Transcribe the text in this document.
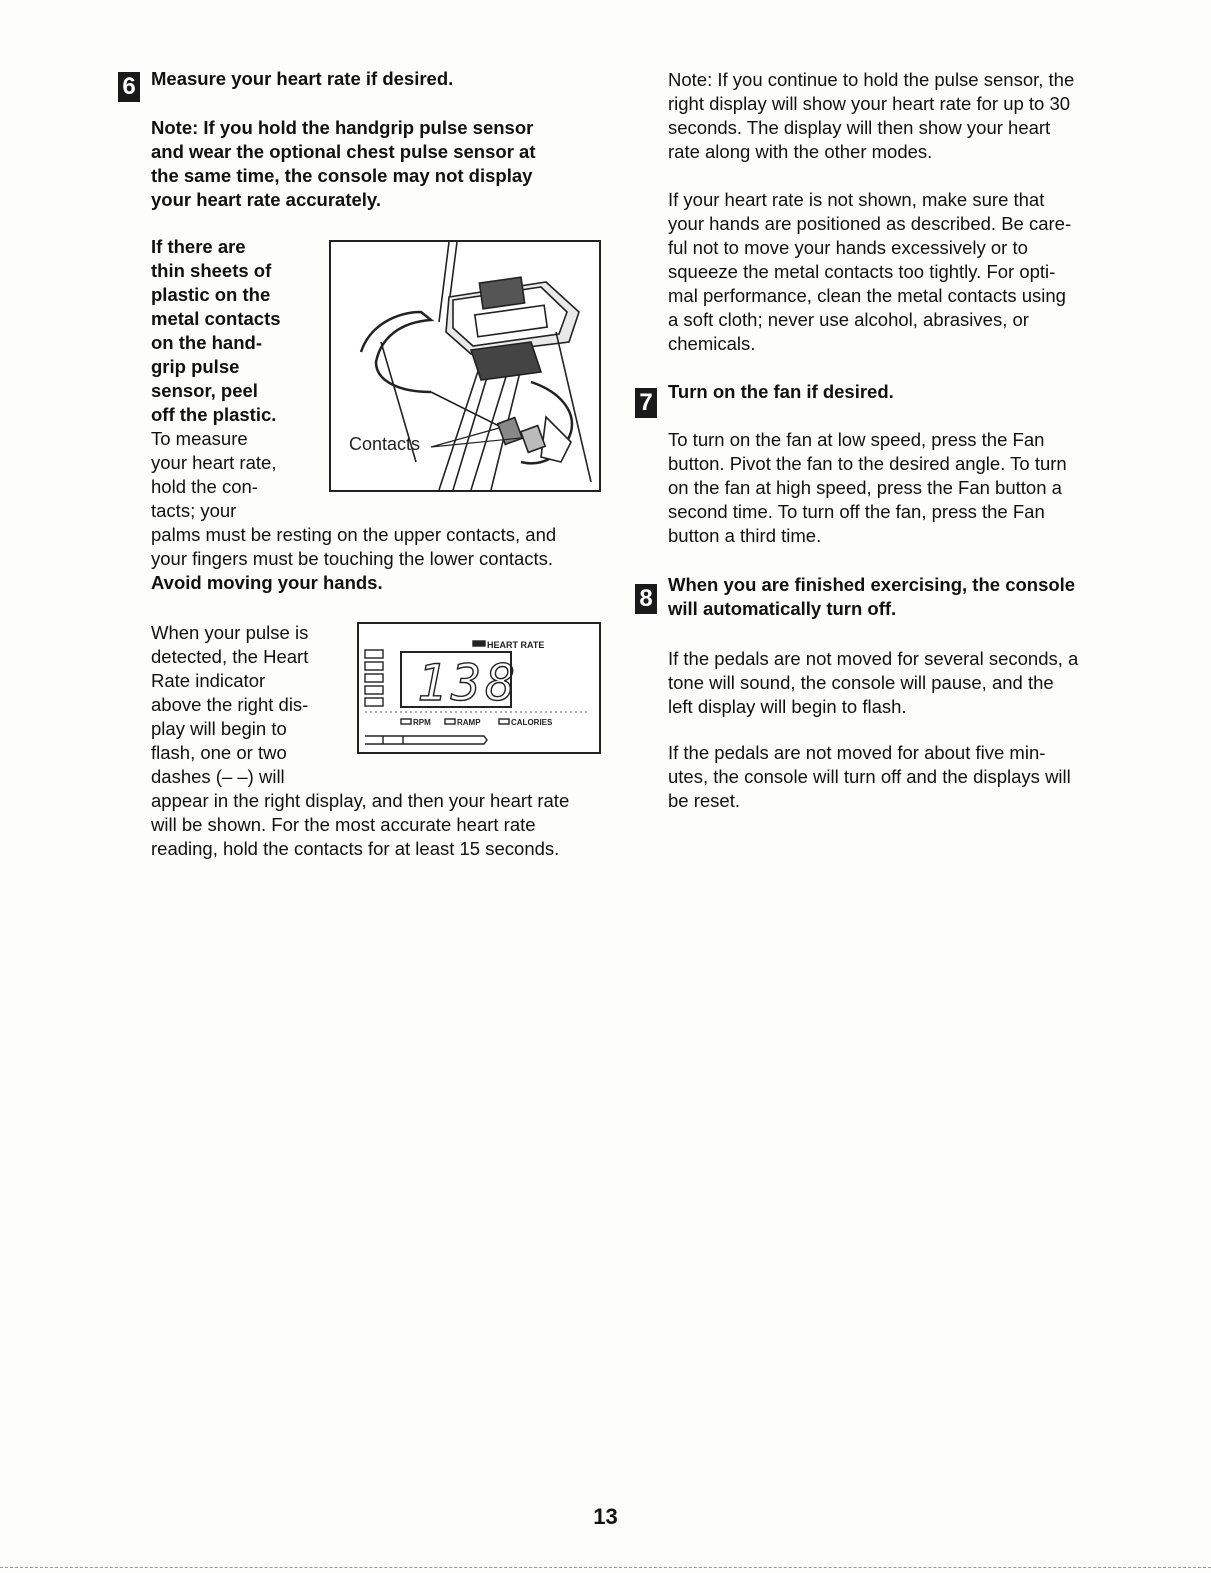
6 Measure your heart rate if desired.
Note: If you hold the handgrip pulse sensor
and wear the optional chest pulse sensor at
the same time, the console may not display
your heart rate accurately.
If there are
thin sheets of
plastic on the
metal contacts
on the hand-
grip pulse
sensor, peel
off the plastic.
To measure
your heart rate,
hold the con-
tacts; your
palms must be resting on the upper contacts, and
your fingers must be touching the lower contacts.
Avoid moving your hands.
Contacts
When your pulse is
detected, the Heart
Rate indicator
above the right dis-
play will begin to
flash, one or two
dashes (– –) will
appear in the right display, and then your heart rate
will be shown. For the most accurate heart rate
reading, hold the contacts for at least 15 seconds.
HEART RATE
138
RPM	RAMP	CALORIES
Note: If you continue to hold the pulse sensor, the
right display will show your heart rate for up to 30
seconds. The display will then show your heart
rate along with the other modes.
If your heart rate is not shown, make sure that
your hands are positioned as described. Be care-
ful not to move your hands excessively or to
squeeze the metal contacts too tightly. For opti-
mal performance, clean the metal contacts using
a soft cloth; never use alcohol, abrasives, or
chemicals.
7 Turn on the fan if desired.
To turn on the fan at low speed, press the Fan
button. Pivot the fan to the desired angle. To turn
on the fan at high speed, press the Fan button a
second time. To turn off the fan, press the Fan
button a third time.
8
When you are finished exercising, the console
will automatically turn off.
If the pedals are not moved for several seconds, a
tone will sound, the console will pause, and the
left display will begin to flash.
If the pedals are not moved for about five min-
utes, the console will turn off and the displays will
be reset.
13
